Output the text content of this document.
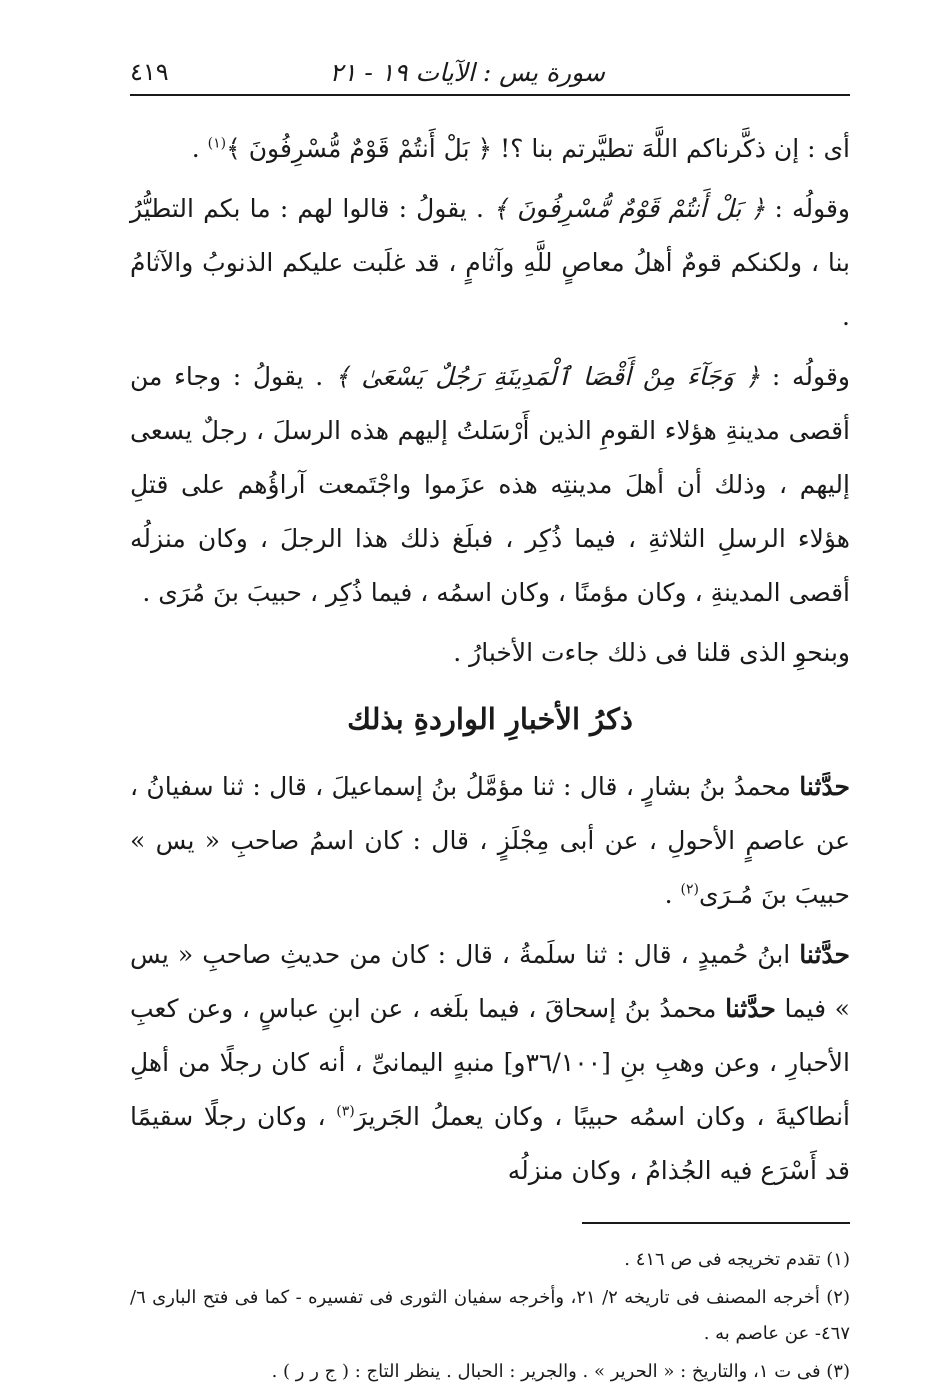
سورة يس : الآيات ١٩ - ٢١
٤١٩

أى : إن ذكَّرناكم اللَّهَ تطيَّرتم بنا ؟! ﴿ بَلْ أَنتُمْ قَوْمٌ مُّسْرِفُونَ ﴾$^{(١)}$ .

وقولُه : ﴿ بَلْ أَنتُمْ قَوْمٌ مُّسْرِفُونَ ﴾ . يقولُ : قالوا لهم : ما بكم التطيُّرُ بنا ، ولكنكم قومٌ أهلُ معاصٍ للَّهِ وآثامٍ ، قد غلَبت عليكم الذنوبُ والآثامُ .

وقولُه : ﴿ وَجَآءَ مِنْ أَقْصَا ٱلْمَدِينَةِ رَجُلٌ يَسْعَىٰ ﴾ . يقولُ : وجاء من أقصى مدينةِ هؤلاء القومِ الذين أَرْسَلتُ إليهم هذه الرسلَ ، رجلٌ يسعى إليهم ، وذلك أن أهلَ مدينتِه هذه عزَموا واجْتَمعت آراؤُهم على قتلِ هؤلاء الرسلِ الثلاثةِ ، فيما ذُكِر ، فبلَغ ذلك هذا الرجلَ ، وكان منزلُه أقصى المدينةِ ، وكان مؤمنًا ، وكان اسمُه ، فيما ذُكِر ، حبيبَ بنَ مُرَى .

وبنحوِ الذى قلنا فى ذلك جاءت الأخبارُ .

ذكرُ الأخبارِ الواردةِ بذلك

حدَّثنا محمدُ بنُ بشارٍ ، قال : ثنا مؤمَّلُ بنُ إسماعيلَ ، قال : ثنا سفيانُ ، عن عاصمٍ الأحولِ ، عن أبى مِجْلَزٍ ، قال : كان اسمُ صاحبِ « يس » حبيبَ بنَ مُـرَى$^{(٢)}$ .

حدَّثنا ابنُ حُميدٍ ، قال : ثنا سلَمةُ ، قال : كان من حديثِ صاحبِ « يس » فيما حدَّثنا محمدُ بنُ إسحاقَ ، فيما بلَغه ، عن ابنِ عباسٍ ، وعن كعبِ الأحبارِ ، وعن وهبِ بنِ [٣٦/١٠٠و] منبهٍ اليمانىِّ ، أنه كان رجلًا من أهلِ أنطاكيةَ ، وكان اسمُه حبيبًا ، وكان يعملُ الجَريرَ$^{(٣)}$ ، وكان رجلًا سقيمًا قد أَسْرَع فيه الجُذامُ ، وكان منزلُه

(١) تقدم تخريجه فى ص ٤١٦ .

(٢) أخرجه المصنف فى تاريخه ٢/ ٢١، وأخرجه سفيان الثورى فى تفسيره - كما فى فتح البارى ٦/ ٤٦٧- عن عاصم به .

(٣) فى ت ١، والتاريخ : « الحرير » . والجرير : الحبال . ينظر التاج : ( ج ر ر ) .
